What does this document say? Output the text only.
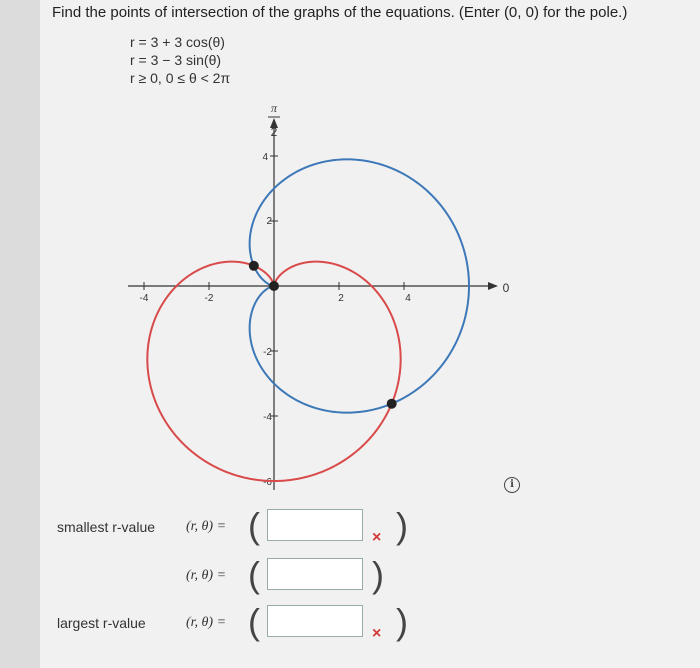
Find the points of intersection of the graphs of the equations. (Enter (0, 0) for the pole.)
r = 3 + 3 cos(θ)
r = 3 − 3 sin(θ)
r ≥ 0, 0 ≤ θ < 2π
-4	-2	2	4
4
2
-2
-4
-6
π
2
0
smallest r-value (r, θ) = (	× )
(r, θ) = (	)
largest r-value	(r, θ) = (	× )
i
